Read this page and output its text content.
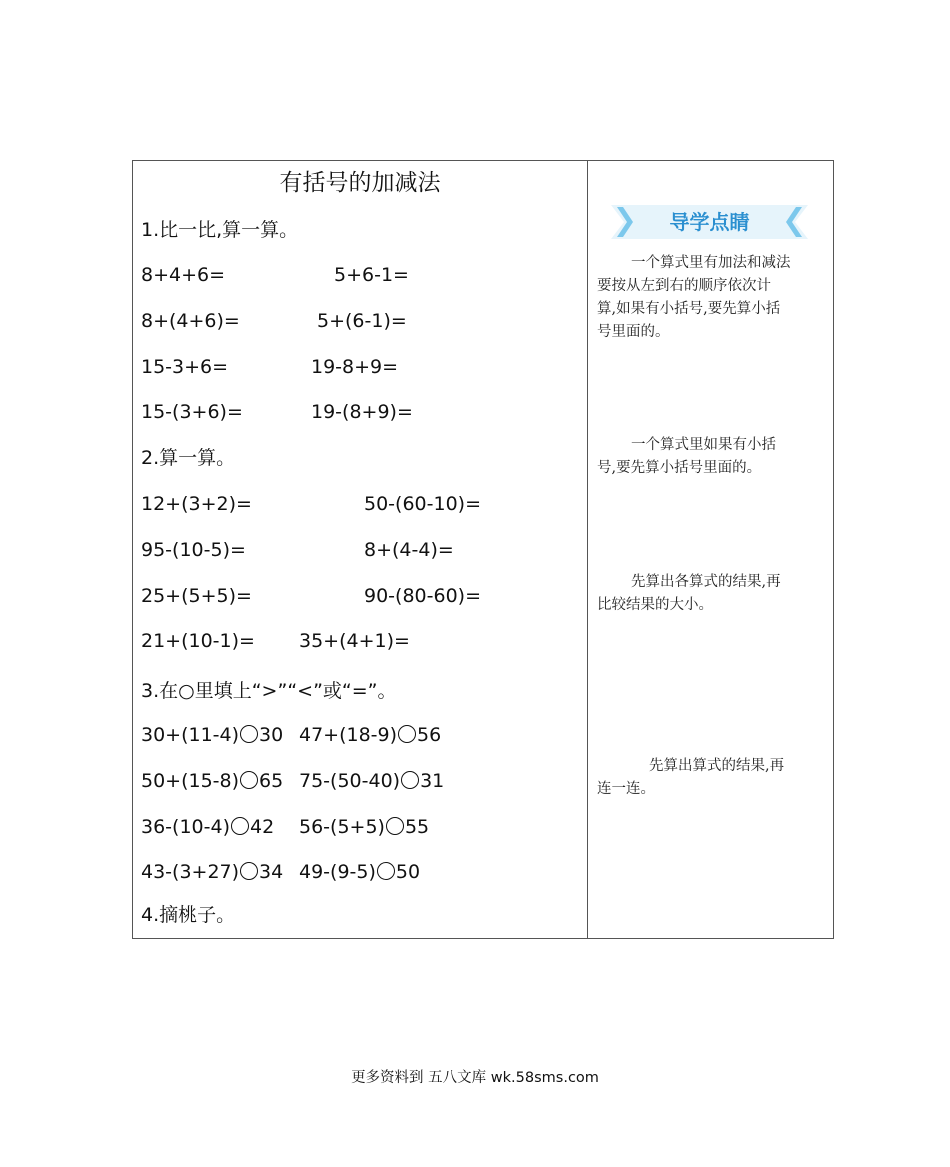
有括号的加减法
1.比一比,算一算。
8+4+6=	5+6-1=
8+(4+6)=	5+(6-1)=
15-3+6=	19-8+9=
15-(3+6)=	19-(8+9)=
2.算一算。
12+(3+2)=	50-(60-10)=
95-(10-5)=	8+(4-4)=
25+(5+5)=	90-(80-60)=
21+(10-1)= 35+(4+1)=
3.在○里填上“>”“<”或“=”。
30+(11-4) 30 47+(18-9) 56
50+(15-8) 65 75-(50-40) 31
36-(10-4) 42 56-(5+5) 55
43-(3+27) 34 49-(9-5) 50
4.摘桃子。
导学点睛
一个算式里有加法和减法
要按从左到右的顺序依次计
算,如果有小括号,要先算小括
号里面的。
一个算式里如果有小括
号,要先算小括号里面的。
先算出各算式的结果,再
比较结果的大小。
先算出算式的结果,再
连一连。
更多资料到 五八文库 wk.58sms.com
